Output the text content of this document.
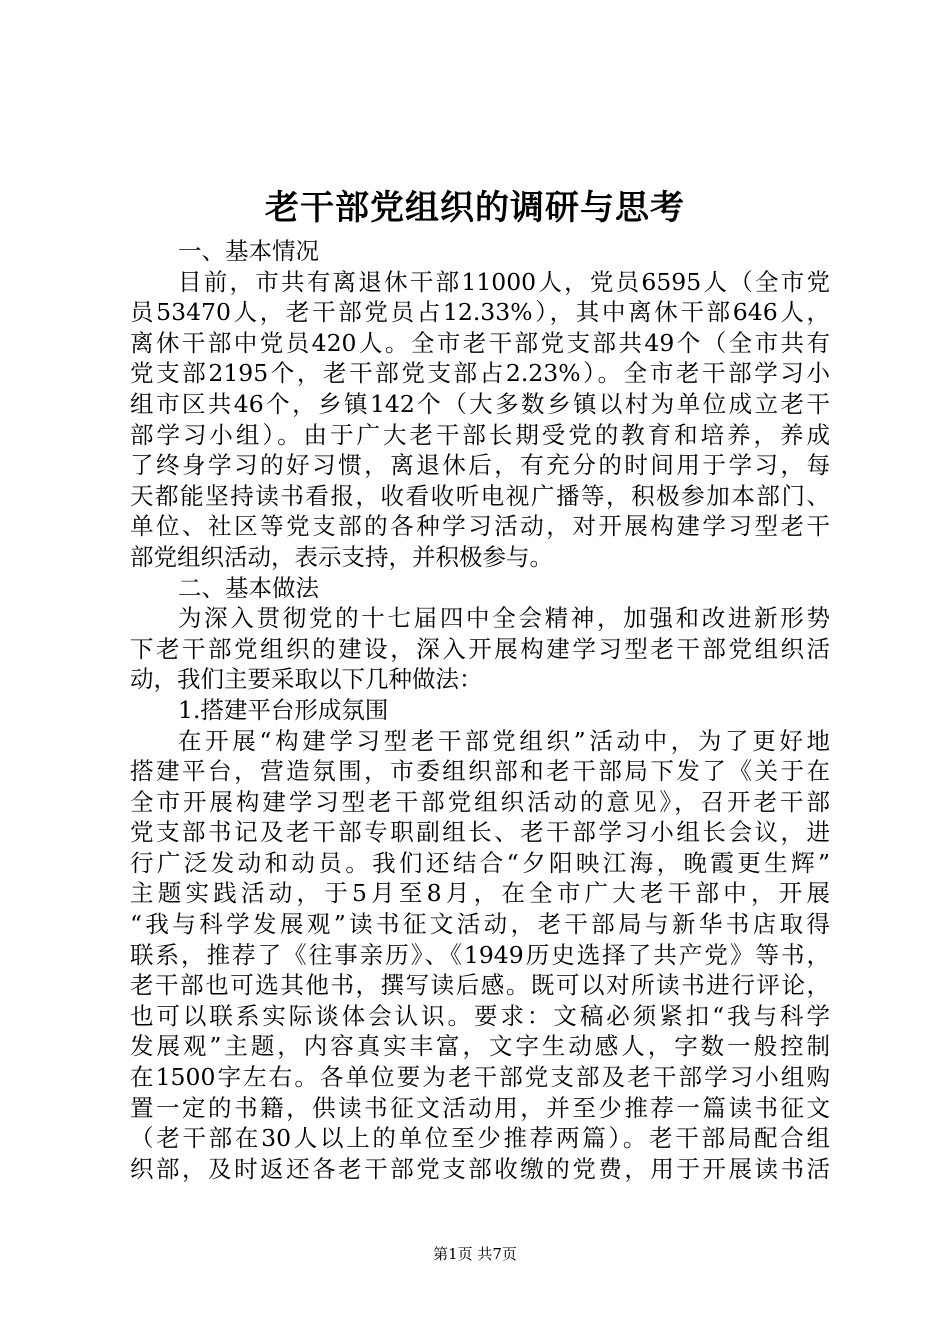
老干部党组织的调研与思考
一、基本情况
目前，市共有离退休干部11000人，党员6595人（全市党
员53470人，老干部党员占12.33%），其中离休干部646人，
离休干部中党员420人。全市老干部党支部共49个（全市共有
党支部2195个，老干部党支部占2.23%）。全市老干部学习小
组市区共46个，乡镇142个（大多数乡镇以村为单位成立老干
部学习小组）。由于广大老干部长期受党的教育和培养，养成
了终身学习的好习惯，离退休后，有充分的时间用于学习，每
天都能坚持读书看报，收看收听电视广播等，积极参加本部门、
单位、社区等党支部的各种学习活动，对开展构建学习型老干
部党组织活动，表示支持，并积极参与。
二、基本做法
为深入贯彻党的十七届四中全会精神，加强和改进新形势
下老干部党组织的建设，深入开展构建学习型老干部党组织活
动，我们主要采取以下几种做法：
1.搭建平台形成氛围
在开展“构建学习型老干部党组织”活动中，为了更好地
搭建平台，营造氛围，市委组织部和老干部局下发了《关于在
全市开展构建学习型老干部党组织活动的意见》，召开老干部
党支部书记及老干部专职副组长、老干部学习小组长会议，进
行广泛发动和动员。我们还结合“夕阳映江海，晚霞更生辉”
主题实践活动，于5月至8月，在全市广大老干部中，开展
“我与科学发展观”读书征文活动，老干部局与新华书店取得
联系，推荐了《往事亲历》、《1949历史选择了共产党》等书，
老干部也可选其他书，撰写读后感。既可以对所读书进行评论，
也可以联系实际谈体会认识。要求：文稿必须紧扣“我与科学
发展观”主题，内容真实丰富，文字生动感人，字数一般控制
在1500字左右。各单位要为老干部党支部及老干部学习小组购
置一定的书籍，供读书征文活动用，并至少推荐一篇读书征文
（老干部在30人以上的单位至少推荐两篇）。老干部局配合组
织部，及时返还各老干部党支部收缴的党费，用于开展读书活
第1页 共7页
